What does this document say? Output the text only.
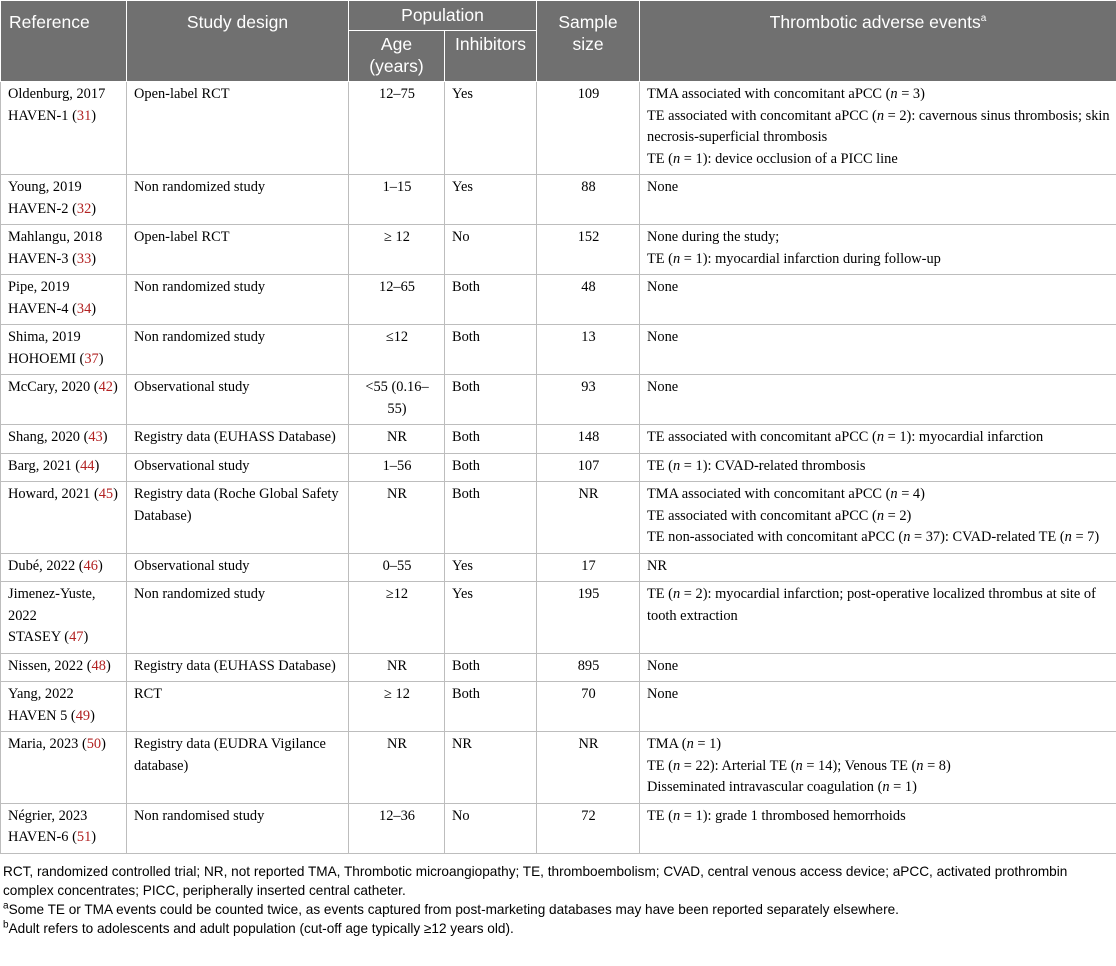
Reference	Study design	Population		Sample size	Thrombotic adverse events$^a$
		Age (years)	Inhibitors		
Oldenburg, 2017
HAVEN-1 (31)	Open-label RCT	12–75	Yes	109	TMA associated with concomitant aPCC (n = 3)
TE associated with concomitant aPCC (n = 2): cavernous sinus thrombosis; skin necrosis-superficial thrombosis
TE (n = 1): device occlusion of a PICC line

Young, 2019
HAVEN-2 (32)	Non randomized study	1–15	Yes	88	None

Mahlangu, 2018
HAVEN-3 (33)	Open-label RCT	≥ 12	No	152	None during the study;
TE (n = 1): myocardial infarction during follow-up

Pipe, 2019
HAVEN-4 (34)	Non randomized study	12–65	Both	48	None

Shima, 2019
HOHOEMI (37)	Non randomized study	≤12	Both	13	None

McCary, 2020 (42)	Observational study	<55 (0.16–55)	Both	93	None

Shang, 2020 (43)	Registry data (EUHASS Database)	NR	Both	148	TE associated with concomitant aPCC (n = 1): myocardial infarction

Barg, 2021 (44)	Observational study	1–56	Both	107	TE (n = 1): CVAD-related thrombosis

Howard, 2021 (45)	Registry data (Roche Global Safety Database)	NR	Both	NR	TMA associated with concomitant aPCC (n = 4)
TE associated with concomitant aPCC (n = 2)
TE non-associated with concomitant aPCC (n = 37): CVAD-related TE (n = 7)

Dubé, 2022 (46)	Observational study	0–55	Yes	17	NR

Jimenez-Yuste, 2022
STASEY (47)	Non randomized study	≥12	Yes	195	TE (n = 2): myocardial infarction; post-operative localized thrombus at site of tooth extraction

Nissen, 2022 (48)	Registry data (EUHASS Database)	NR	Both	895	None

Yang, 2022
HAVEN 5 (49)	RCT	≥ 12	Both	70	None

Maria, 2023 (50)	Registry data (EUDRA Vigilance database)	NR	NR	NR	TMA (n = 1)
TE (n = 22): Arterial TE (n = 14); Venous TE (n = 8)
Disseminated intravascular coagulation (n = 1)

Négrier, 2023
HAVEN-6 (51)	Non randomised study	12–36	No	72	TE (n = 1): grade 1 thrombosed hemorrhoids
RCT, randomized controlled trial; NR, not reported TMA, Thrombotic microangiopathy; TE, thromboembolism; CVAD, central venous access device; aPCC, activated prothrombin complex concentrates; PICC, peripherally inserted central catheter.
$^a$Some TE or TMA events could be counted twice, as events captured from post-marketing databases may have been reported separately elsewhere.
$^b$Adult refers to adolescents and adult population (cut-off age typically ≥12 years old).
